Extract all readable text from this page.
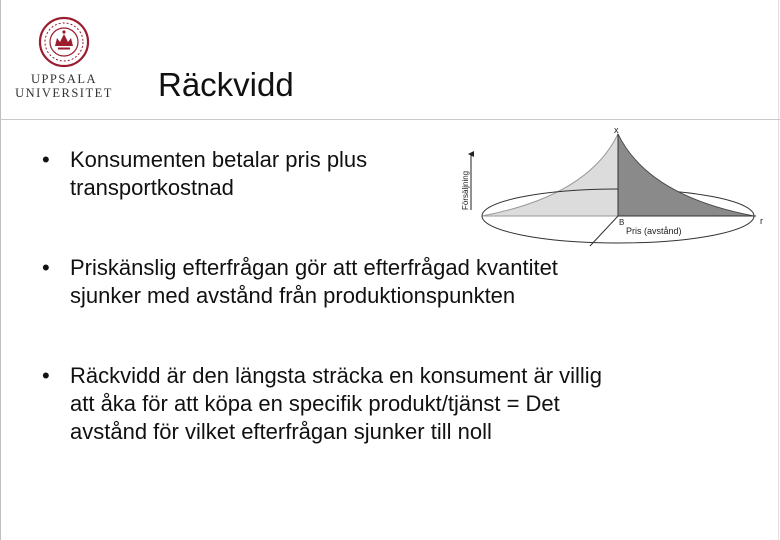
UPPSALA
UNIVERSITET Räckvidd
• Konsumenten betalar pris plus transportkostnad
• Priskänslig efterfrågan gör att efterfrågad kvantitet sjunker med avstånd från produktionspunkten
• Räckvidd är den längsta sträcka en konsument är villig att åka för att köpa en specifik produkt/tjänst = Det avstånd för vilket efterfrågan sjunker till noll
Försäljning
x
B	r
Pris (avstånd)
